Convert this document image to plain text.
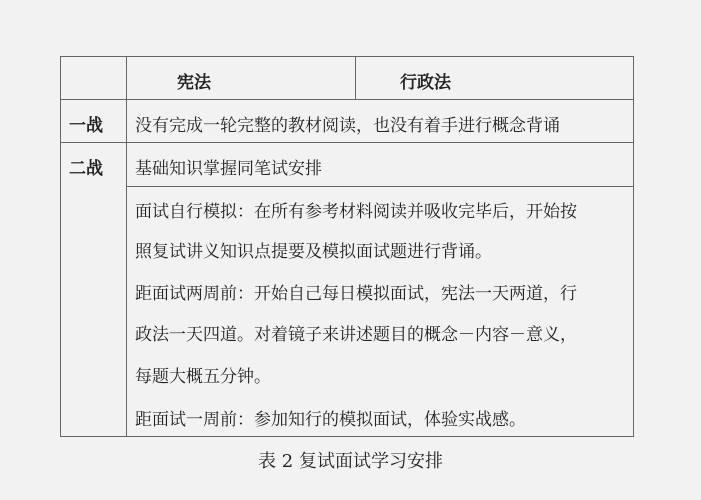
宪法	行政法
一战 没有完成一轮完整的教材阅读，也没有着手进行概念背诵
二战 基础知识掌握同笔试安排
面试自行模拟：在所有参考材料阅读并吸收完毕后，开始按
照复试讲义知识点提要及模拟面试题进行背诵。
距面试两周前：开始自己每日模拟面试，宪法一天两道，行
政法一天四道。对着镜子来讲述题目的概念－内容－意义，
每题大概五分钟。
距面试一周前：参加知行的模拟面试，体验实战感。
表 2 复试面试学习安排
